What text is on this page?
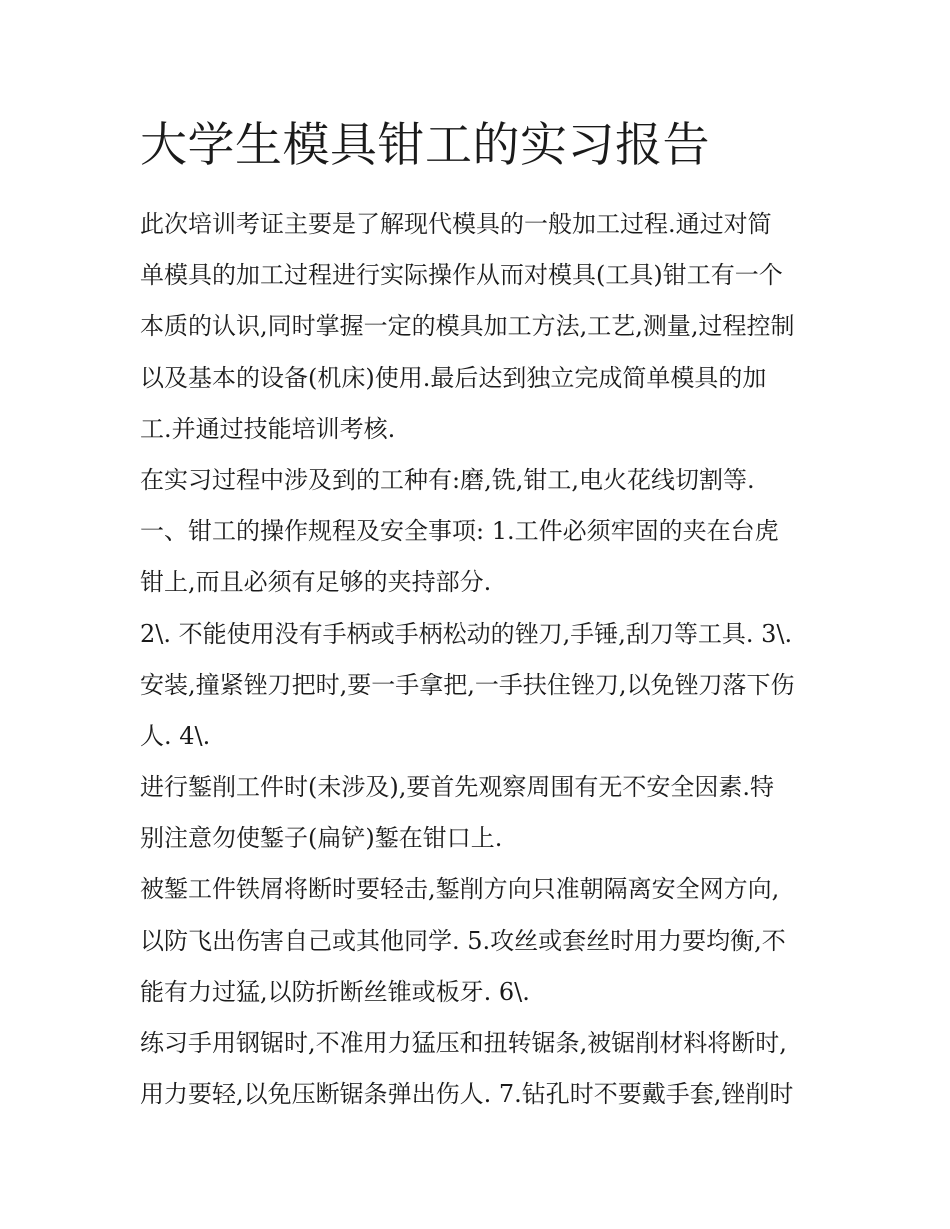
大学生模具钳工的实习报告
此次培训考证主要是了解现代模具的一般加工过程.通过对简
单模具的加工过程进行实际操作从而对模具(工具)钳工有一个
本质的认识,同时掌握一定的模具加工方法,工艺,测量,过程控制
以及基本的设备(机床)使用.最后达到独立完成简单模具的加
工.并通过技能培训考核.
在实习过程中涉及到的工种有:磨,铣,钳工,电火花线切割等.
一、钳工的操作规程及安全事项: 1.工件必须牢固的夹在台虎
钳上,而且必须有足够的夹持部分.
2\. 不能使用没有手柄或手柄松动的锉刀,手锤,刮刀等工具. 3\.
安装,撞紧锉刀把时,要一手拿把,一手扶住锉刀,以免锉刀落下伤
人. 4\.
进行錾削工件时(未涉及),要首先观察周围有无不安全因素.特
别注意勿使錾子(扁铲)錾在钳口上.
被錾工件铁屑将断时要轻击,錾削方向只准朝隔离安全网方向,
以防飞出伤害自己或其他同学. 5.攻丝或套丝时用力要均衡,不
能有力过猛,以防折断丝锥或板牙. 6\.
练习手用钢锯时,不准用力猛压和扭转锯条,被锯削材料将断时,
用力要轻,以免压断锯条弹出伤人. 7.钻孔时不要戴手套,锉削时
